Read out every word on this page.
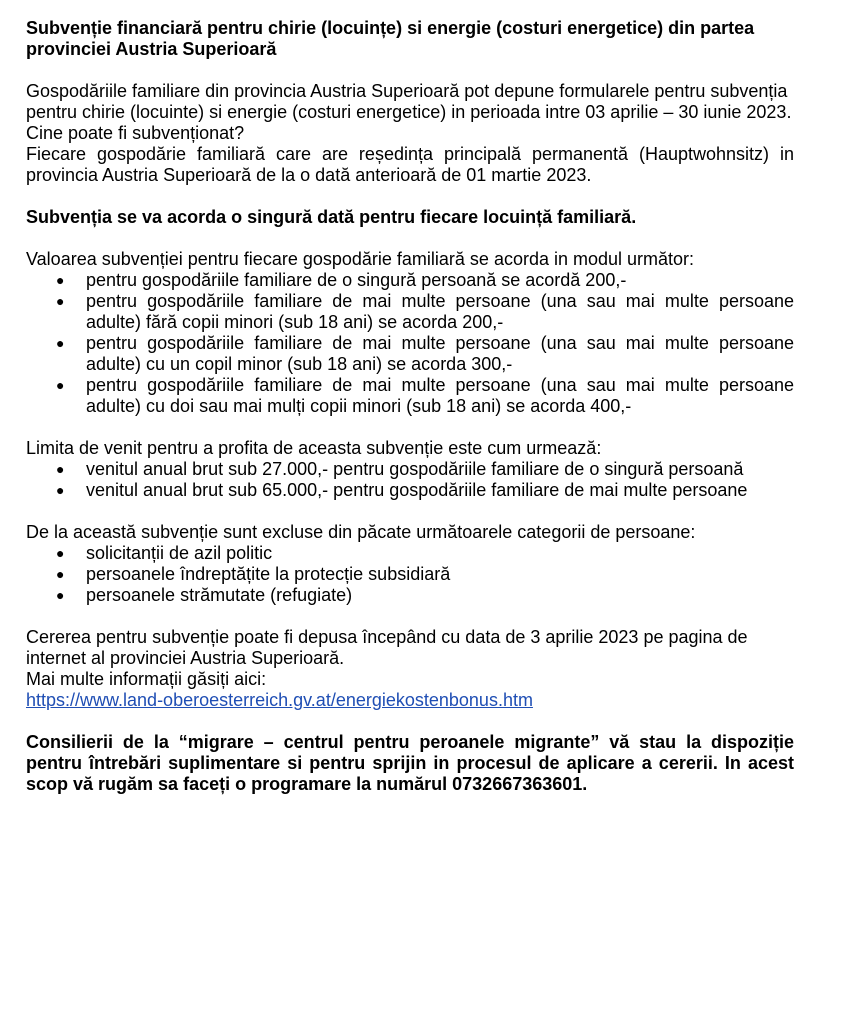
Subvenție financiară pentru chirie (locuințe) si energie (costuri energetice) din partea provinciei Austria Superioară

Gospodăriile familiare din provincia Austria Superioară pot depune formularele pentru subvenția pentru chirie (locuinte) si energie (costuri energetice) in perioada intre 03 aprilie – 30 iunie 2023.

Cine poate fi subvenționat?

Fiecare gospodărie familiară care are reședința principală permanentă (Hauptwohnsitz) in provincia Austria Superioară de la o dată anterioară de 01 martie 2023.

Subvenția se va acorda o singură dată pentru fiecare locuință familiară.

Valoarea subvenției pentru fiecare gospodărie familiară se acorda in modul următor:

● pentru gospodăriile familiare de o singură persoană se acordă 200,-
● pentru gospodăriile familiare de mai multe persoane (una sau mai multe persoane adulte) fără copii minori (sub 18 ani) se acorda 200,-
● pentru gospodăriile familiare de mai multe persoane (una sau mai multe persoane adulte) cu un copil minor (sub 18 ani) se acorda 300,-
● pentru gospodăriile familiare de mai multe persoane (una sau mai multe persoane adulte) cu doi sau mai mulți copii minori (sub 18 ani) se acorda 400,-

Limita de venit pentru a profita de aceasta subvenție este cum urmează:

● venitul anual brut sub 27.000,- pentru gospodăriile familiare de o singură persoană
● venitul anual brut sub 65.000,- pentru gospodăriile familiare de mai multe persoane

De la această subvenție sunt excluse din păcate următoarele categorii de persoane:

● solicitanții de azil politic
● persoanele îndreptățite la protecție subsidiară
● persoanele strămutate (refugiate)

Cererea pentru subvenție poate fi depusa începând cu data de 3 aprilie 2023 pe pagina de internet al provinciei Austria Superioară.

Mai multe informații găsiți aici:

https://www.land-oberoesterreich.gv.at/energiekostenbonus.htm

Consilierii de la “migrare – centrul pentru peroanele migrante” vă stau la dispoziție pentru întrebări suplimentare si pentru sprijin in procesul de aplicare a cererii. In acest scop vă rugăm sa faceți o programare la numărul 0732667363601.
